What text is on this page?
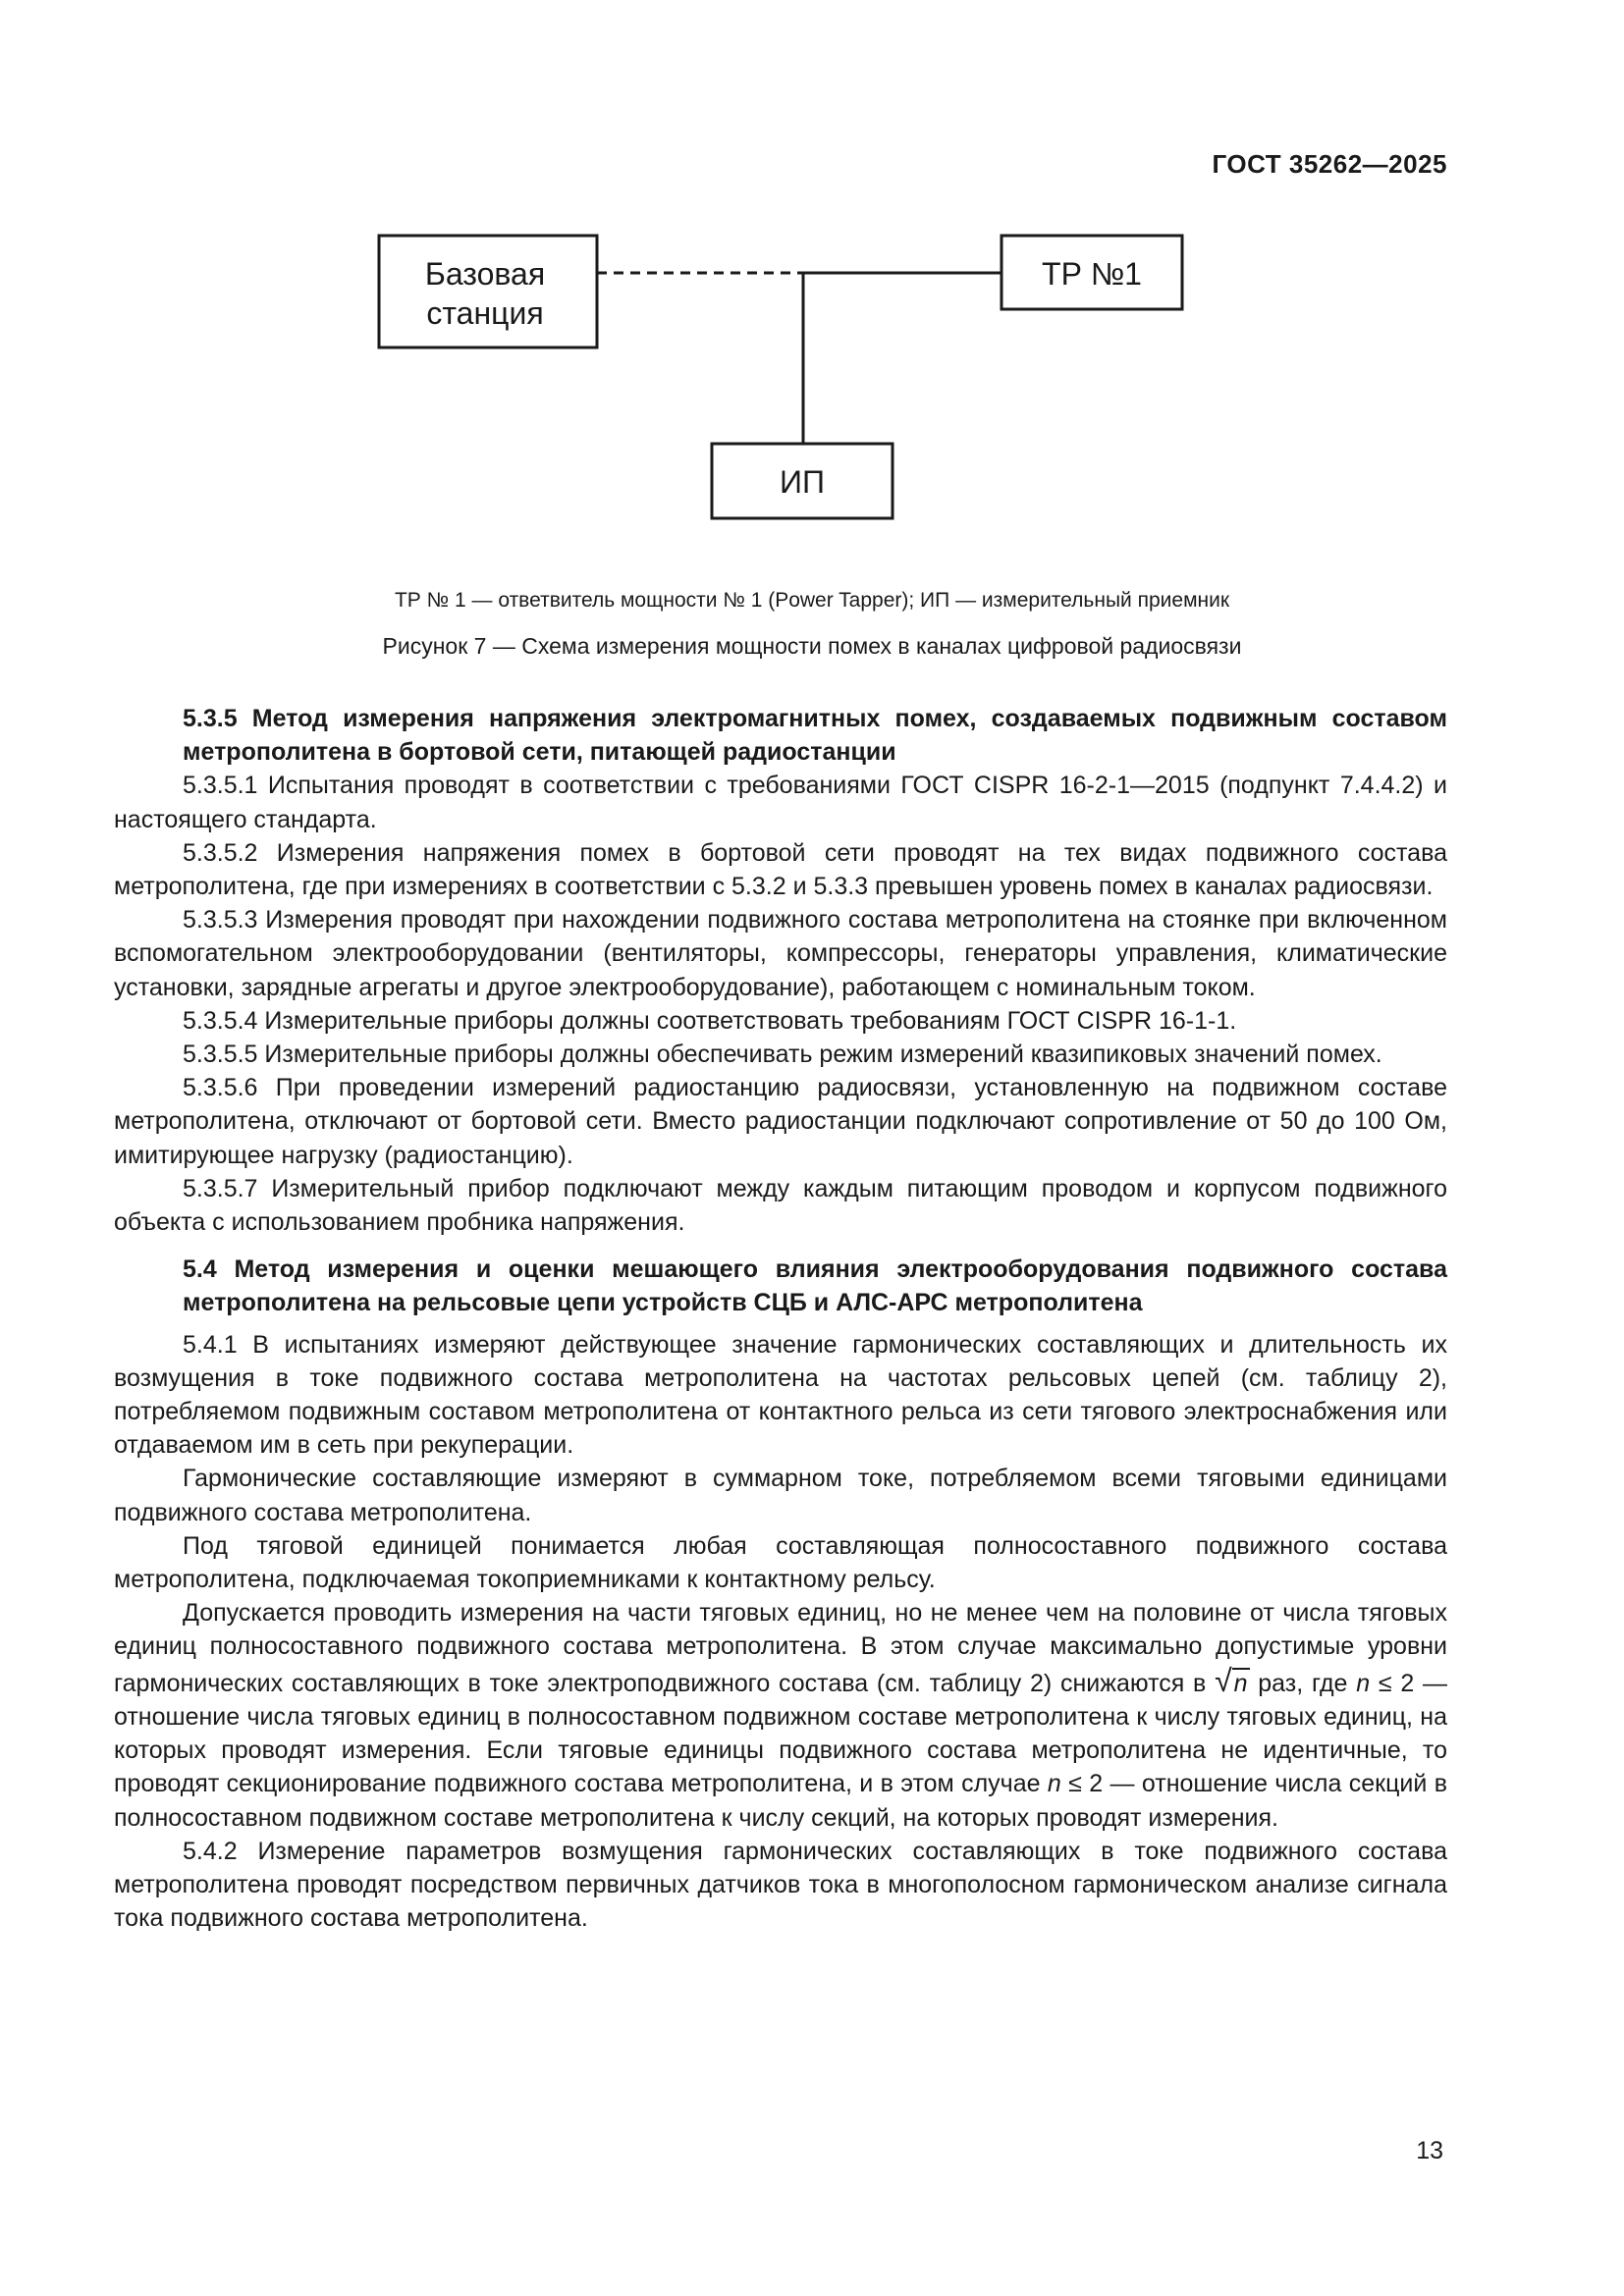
ГОСТ 35262—2025
Базовая
станция
ТР №1
ИП
ТР № 1 — ответвитель мощности № 1 (Power Tapper); ИП — измерительный приемник
Рисунок 7 — Схема измерения мощности помех в каналах цифровой радиосвязи
5.3.5 Метод измерения напряжения электромагнитных помех, создаваемых подвижным составом метрополитена в бортовой сети, питающей радиостанции

5.3.5.1 Испытания проводят в соответствии с требованиями ГОСТ CISPR 16-2-1—2015 (подпункт 7.4.4.2) и настоящего стандарта.

5.3.5.2 Измерения напряжения помех в бортовой сети проводят на тех видах подвижного состава метрополитена, где при измерениях в соответствии с 5.3.2 и 5.3.3 превышен уровень помех в каналах радиосвязи.

5.3.5.3 Измерения проводят при нахождении подвижного состава метрополитена на стоянке при включенном вспомогательном электрооборудовании (вентиляторы, компрессоры, генераторы управления, климатические установки, зарядные агрегаты и другое электрооборудование), работающем с номинальным током.

5.3.5.4 Измерительные приборы должны соответствовать требованиям ГОСТ CISPR 16-1-1.

5.3.5.5 Измерительные приборы должны обеспечивать режим измерений квазипиковых значений помех.

5.3.5.6 При проведении измерений радиостанцию радиосвязи, установленную на подвижном составе метрополитена, отключают от бортовой сети. Вместо радиостанции подключают сопротивление от 50 до 100 Ом, имитирующее нагрузку (радиостанцию).

5.3.5.7 Измерительный прибор подключают между каждым питающим проводом и корпусом подвижного объекта с использованием пробника напряжения.

5.4 Метод измерения и оценки мешающего влияния электрооборудования подвижного состава метрополитена на рельсовые цепи устройств СЦБ и АЛС-АРС метрополитена

5.4.1 В испытаниях измеряют действующее значение гармонических составляющих и длительность их возмущения в токе подвижного состава метрополитена на частотах рельсовых цепей (см. таблицу 2), потребляемом подвижным составом метрополитена от контактного рельса из сети тягового электроснабжения или отдаваемом им в сеть при рекуперации.

Гармонические составляющие измеряют в суммарном токе, потребляемом всеми тяговыми единицами подвижного состава метрополитена.

Под тяговой единицей понимается любая составляющая полносоставного подвижного состава метрополитена, подключаемая токоприемниками к контактному рельсу.

Допускается проводить измерения на части тяговых единиц, но не менее чем на половине от числа тяговых единиц полносоставного подвижного состава метрополитена. В этом случае максимально допустимые уровни гармонических составляющих в токе электроподвижного состава (см. таблицу 2) снижаются в √n раз, где n ≤ 2 — отношение числа тяговых единиц в полносоставном подвижном составе метрополитена к числу тяговых единиц, на которых проводят измерения. Если тяговые единицы подвижного состава метрополитена не идентичные, то проводят секционирование подвижного состава метрополитена, и в этом случае n ≤ 2 — отношение числа секций в полносоставном подвижном составе метрополитена к числу секций, на которых проводят измерения.

5.4.2 Измерение параметров возмущения гармонических составляющих в токе подвижного состава метрополитена проводят посредством первичных датчиков тока в многополосном гармоническом анализе сигнала тока подвижного состава метрополитена.

13
